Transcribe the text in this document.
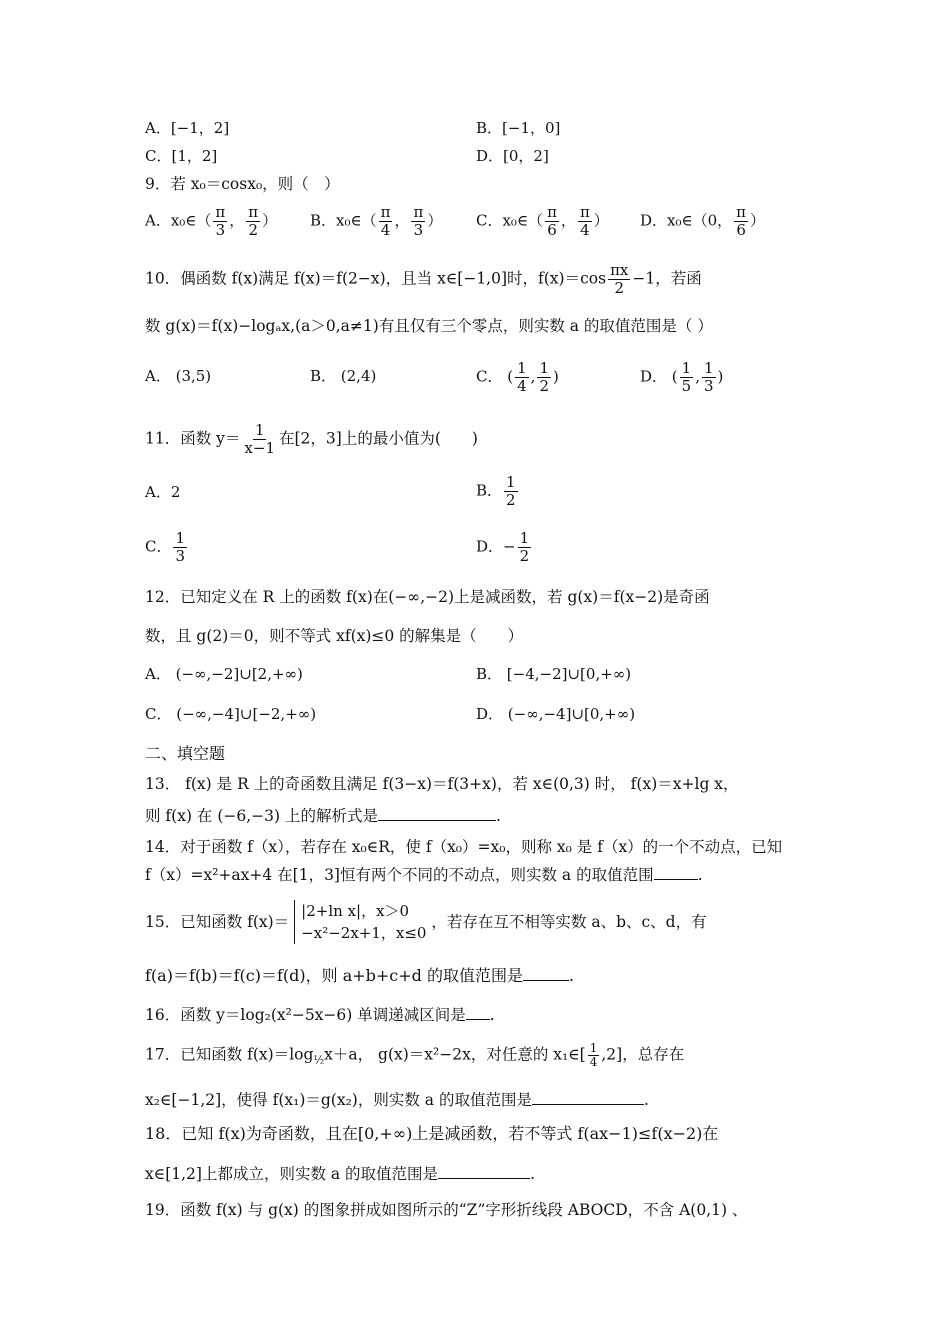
A．[−1，2]	B．[−1，0]
C．[1，2]	D．[0，2]
9．若 x₀＝cosx₀，则（　）
A．x₀∈（ $\frac{\pi}{3}$ ， $\frac{\pi}{2}$ ） B．x₀∈（ $\frac{\pi}{4}$ ， $\frac{\pi}{3}$ ） C．x₀∈（ $\frac{\pi}{6}$ ， $\frac{\pi}{4}$ ） D．x₀∈（0， $\frac{\pi}{6}$ ）
10．偶函数 f(x)满足 f(x)＝f(2−x)，且当 x∈[−1,0]时，$f(x)=\cos \frac{\pi x}{2} -1$，若函
数 g(x)＝f(x)−logₐx,(a＞0,a≠1)有且仅有三个零点，则实数 a 的取值范围是（ ）
A． (3,5)	B． (2,4)	C． ( $\frac{1}{4}$ , $\frac{1}{2}$ )	D． ( $\frac{1}{5}$ , $\frac{1}{3}$ )
11．函数 $y= \frac{1}{x-1}$ 在[2，3]上的最小值为(　　)
A．2	B． $\frac{1}{2}$
C． $\frac{1}{3}$	D．− $\frac{1}{2}$
12．已知定义在 R 上的函数 f(x)在(−∞,−2)上是减函数，若 g(x)＝f(x−2)是奇函
数，且 g(2)＝0，则不等式 xf(x)≤0 的解集是（　　）
A． (−∞,−2]∪[2,+∞)	B． [−4,−2]∪[0,+∞)
C． (−∞,−4]∪[−2,+∞)	D． (−∞,−4]∪[0,+∞)
二、填空题
13． f(x) 是 R 上的奇函数且满足 f(3−x)＝f(3+x)，若 x∈(0,3) 时， f(x)＝x+lg x，
则 f(x) 在 (−6,−3) 上的解析式是	.
14．对于函数 f（x），若存在 x₀∈R，使 f（x₀）=x₀，则称 x₀ 是 f（x）的一个不动点，已知
f（x）=x²+ax+4 在[1，3]恒有两个不同的不动点，则实数 a 的取值范围	.
15．已知函数 f(x)＝
|2+ln x|，x＞0
−x²−2x+1，x≤0
，若存在互不相等实数 a、b、c、d，有
f(a)＝f(b)＝f(c)＝f(d)，则 a+b+c+d 的取值范围是	.
16．函数 y＝log₂(x²−5x−6) 单调递减区间是 .
17．已知函数 $f(x)=\log_{\frac{1}{2}}x+a$， g(x)＝x²−2x，对任意的 x₁∈[ $\frac{1}{4} ,2$]，总存在
x₂∈[−1,2]，使得 f(x₁)＝g(x₂)，则实数 a 的取值范围是	.
18．已知 f(x)为奇函数，且在[0,+∞)上是减函数，若不等式 f(ax−1)≤f(x−2)在
x∈[1,2]上都成立，则实数 a 的取值范围是	.
19．函数 f(x) 与 g(x) 的图象拼成如图所示的“Z”字形折线段 ABOCD，不含 A(0,1) 、
